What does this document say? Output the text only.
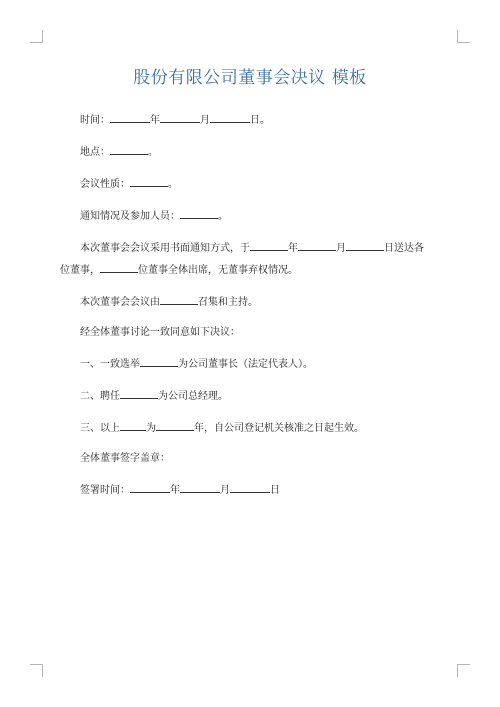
股份有限公司董事会决议 模板

时间：	年	月	日。

地点：	。

会议性质：	。

通知情况及参加人员：	。

本次董事会会议采用书面通知方式，于	年	月	日送达各

位董事，	位董事全体出席，无董事弃权情况。

本次董事会会议由	召集和主持。

经全体董事讨论一致同意如下决议：

一、一致选举	为公司董事长（法定代表人）。

二、聘任	为公司总经理。

三、以上	为	年，自公司登记机关核准之日起生效。

全体董事签字盖章：

签署时间：	年	月	日
